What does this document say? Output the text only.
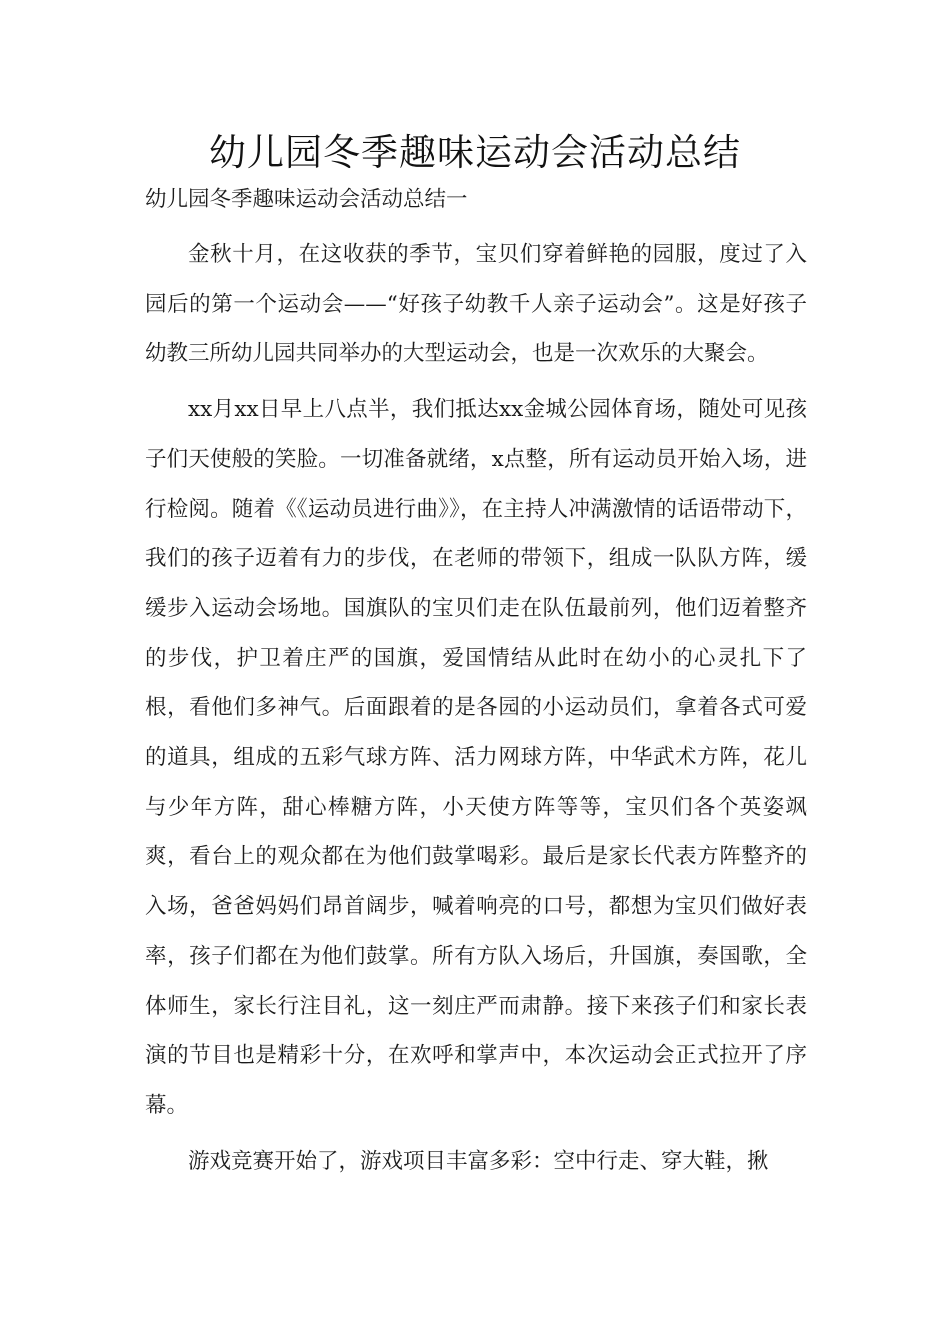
幼儿园冬季趣味运动会活动总结

幼儿园冬季趣味运动会活动总结一

金秋十月，在这收获的季节，宝贝们穿着鲜艳的园服，度过了入园后的第一个运动会——“好孩子幼教千人亲子运动会”。这是好孩子幼教三所幼儿园共同举办的大型运动会，也是一次欢乐的大聚会。

xx月xx日早上八点半，我们抵达xx金城公园体育场，随处可见孩子们天使般的笑脸。一切准备就绪，x点整，所有运动员开始入场，进行检阅。随着《《运动员进行曲》》，在主持人冲满激情的话语带动下，我们的孩子迈着有力的步伐，在老师的带领下，组成一队队方阵，缓缓步入运动会场地。国旗队的宝贝们走在队伍最前列，他们迈着整齐的步伐，护卫着庄严的国旗，爱国情结从此时在幼小的心灵扎下了根，看他们多神气。后面跟着的是各园的小运动员们，拿着各式可爱的道具，组成的五彩气球方阵、活力网球方阵，中华武术方阵，花儿与少年方阵，甜心棒糖方阵，小天使方阵等等，宝贝们各个英姿飒爽，看台上的观众都在为他们鼓掌喝彩。最后是家长代表方阵整齐的入场，爸爸妈妈们昂首阔步，喊着响亮的口号，都想为宝贝们做好表率，孩子们都在为他们鼓掌。所有方队入场后，升国旗，奏国歌，全体师生，家长行注目礼，这一刻庄严而肃静。接下来孩子们和家长表演的节目也是精彩十分，在欢呼和掌声中，本次运动会正式拉开了序幕。

游戏竞赛开始了，游戏项目丰富多彩：空中行走、穿大鞋，揪
